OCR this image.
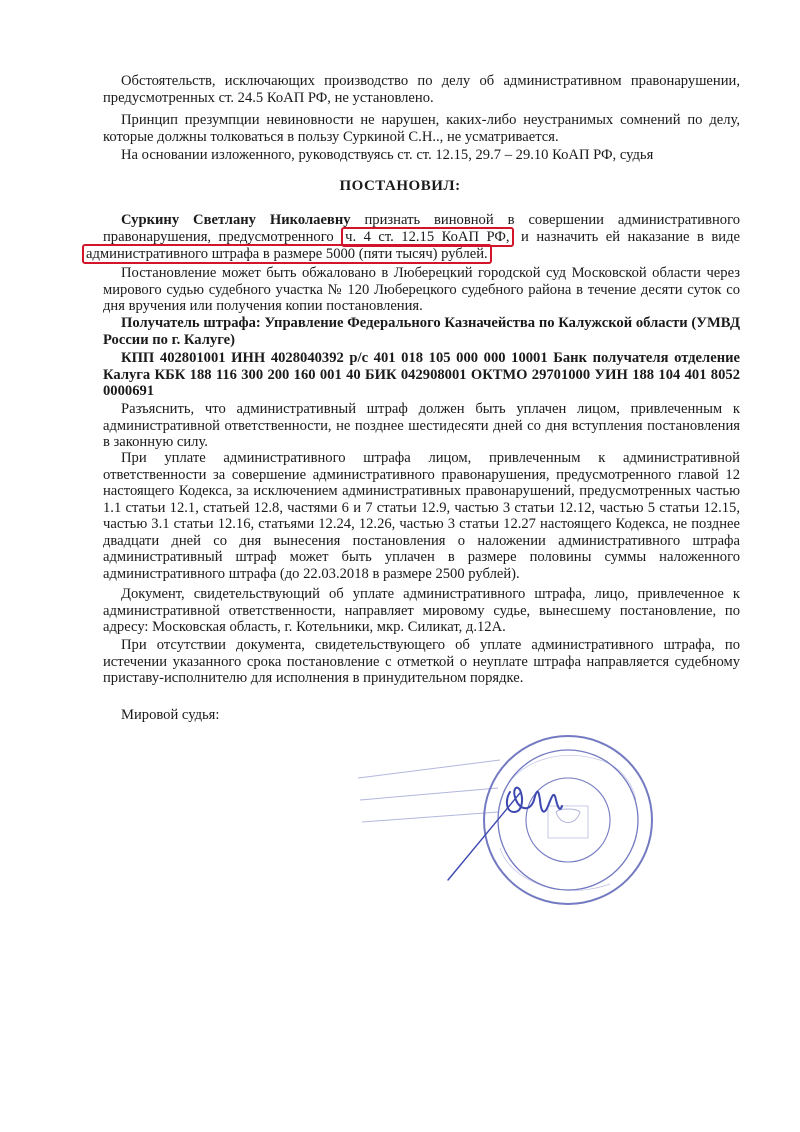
Обстоятельств, исключающих производство по делу об административном правонарушении, предусмотренных ст. 24.5 КоАП РФ, не установлено.
Принцип презумпции невиновности не нарушен, каких-либо неустранимых сомнений по делу, которые должны толковаться в пользу Суркиной С.Н.., не усматривается.
На основании изложенного, руководствуясь ст. ст. 12.15, 29.7 – 29.10 КоАП РФ, судья
ПОСТАНОВИЛ:
Суркину Светлану Николаевну признать виновной в совершении административного правонарушения, предусмотренного ч. 4 ст. 12.15 КоАП РФ, и назначить ей наказание в виде административного штрафа в размере 5000 (пяти тысяч) рублей.
Постановление может быть обжаловано в Люберецкий городской суд Московской области через мирового судью судебного участка № 120 Люберецкого судебного района в течение десяти суток со дня вручения или получения копии постановления.
Получатель штрафа: Управление Федерального Казначейства по Калужской области (УМВД России по г. Калуге)
КПП 402801001 ИНН 4028040392 р/с 401 018 105 000 000 10001 Банк получателя отделение Калуга КБК 188 116 300 200 160 001 40 БИК 042908001 ОКТМО 29701000 УИН 188 104 401 8052 0000691
Разъяснить, что административный штраф должен быть уплачен лицом, привлеченным к административной ответственности, не позднее шестидесяти дней со дня вступления постановления в законную силу.
При уплате административного штрафа лицом, привлеченным к административной ответственности за совершение административного правонарушения, предусмотренного главой 12 настоящего Кодекса, за исключением административных правонарушений, предусмотренных частью 1.1 статьи 12.1, статьей 12.8, частями 6 и 7 статьи 12.9, частью 3 статьи 12.12, частью 5 статьи 12.15, частью 3.1 статьи 12.16, статьями 12.24, 12.26, частью 3 статьи 12.27 настоящего Кодекса, не позднее двадцати дней со дня вынесения постановления о наложении административного штрафа административный штраф может быть уплачен в размере половины суммы наложенного административного штрафа (до 22.03.2018 в размере 2500 рублей).
Документ, свидетельствующий об уплате административного штрафа, лицо, привлеченное к административной ответственности, направляет мировому судье, вынесшему постановление, по адресу: Московская область, г. Котельники, мкр. Силикат, д.12А.
При отсутствии документа, свидетельствующего об уплате административного штрафа, по истечении указанного срока постановление с отметкой о неуплате штрафа направляется судебному приставу-исполнителю для исполнения в принудительном порядке.
Мировой судья:
